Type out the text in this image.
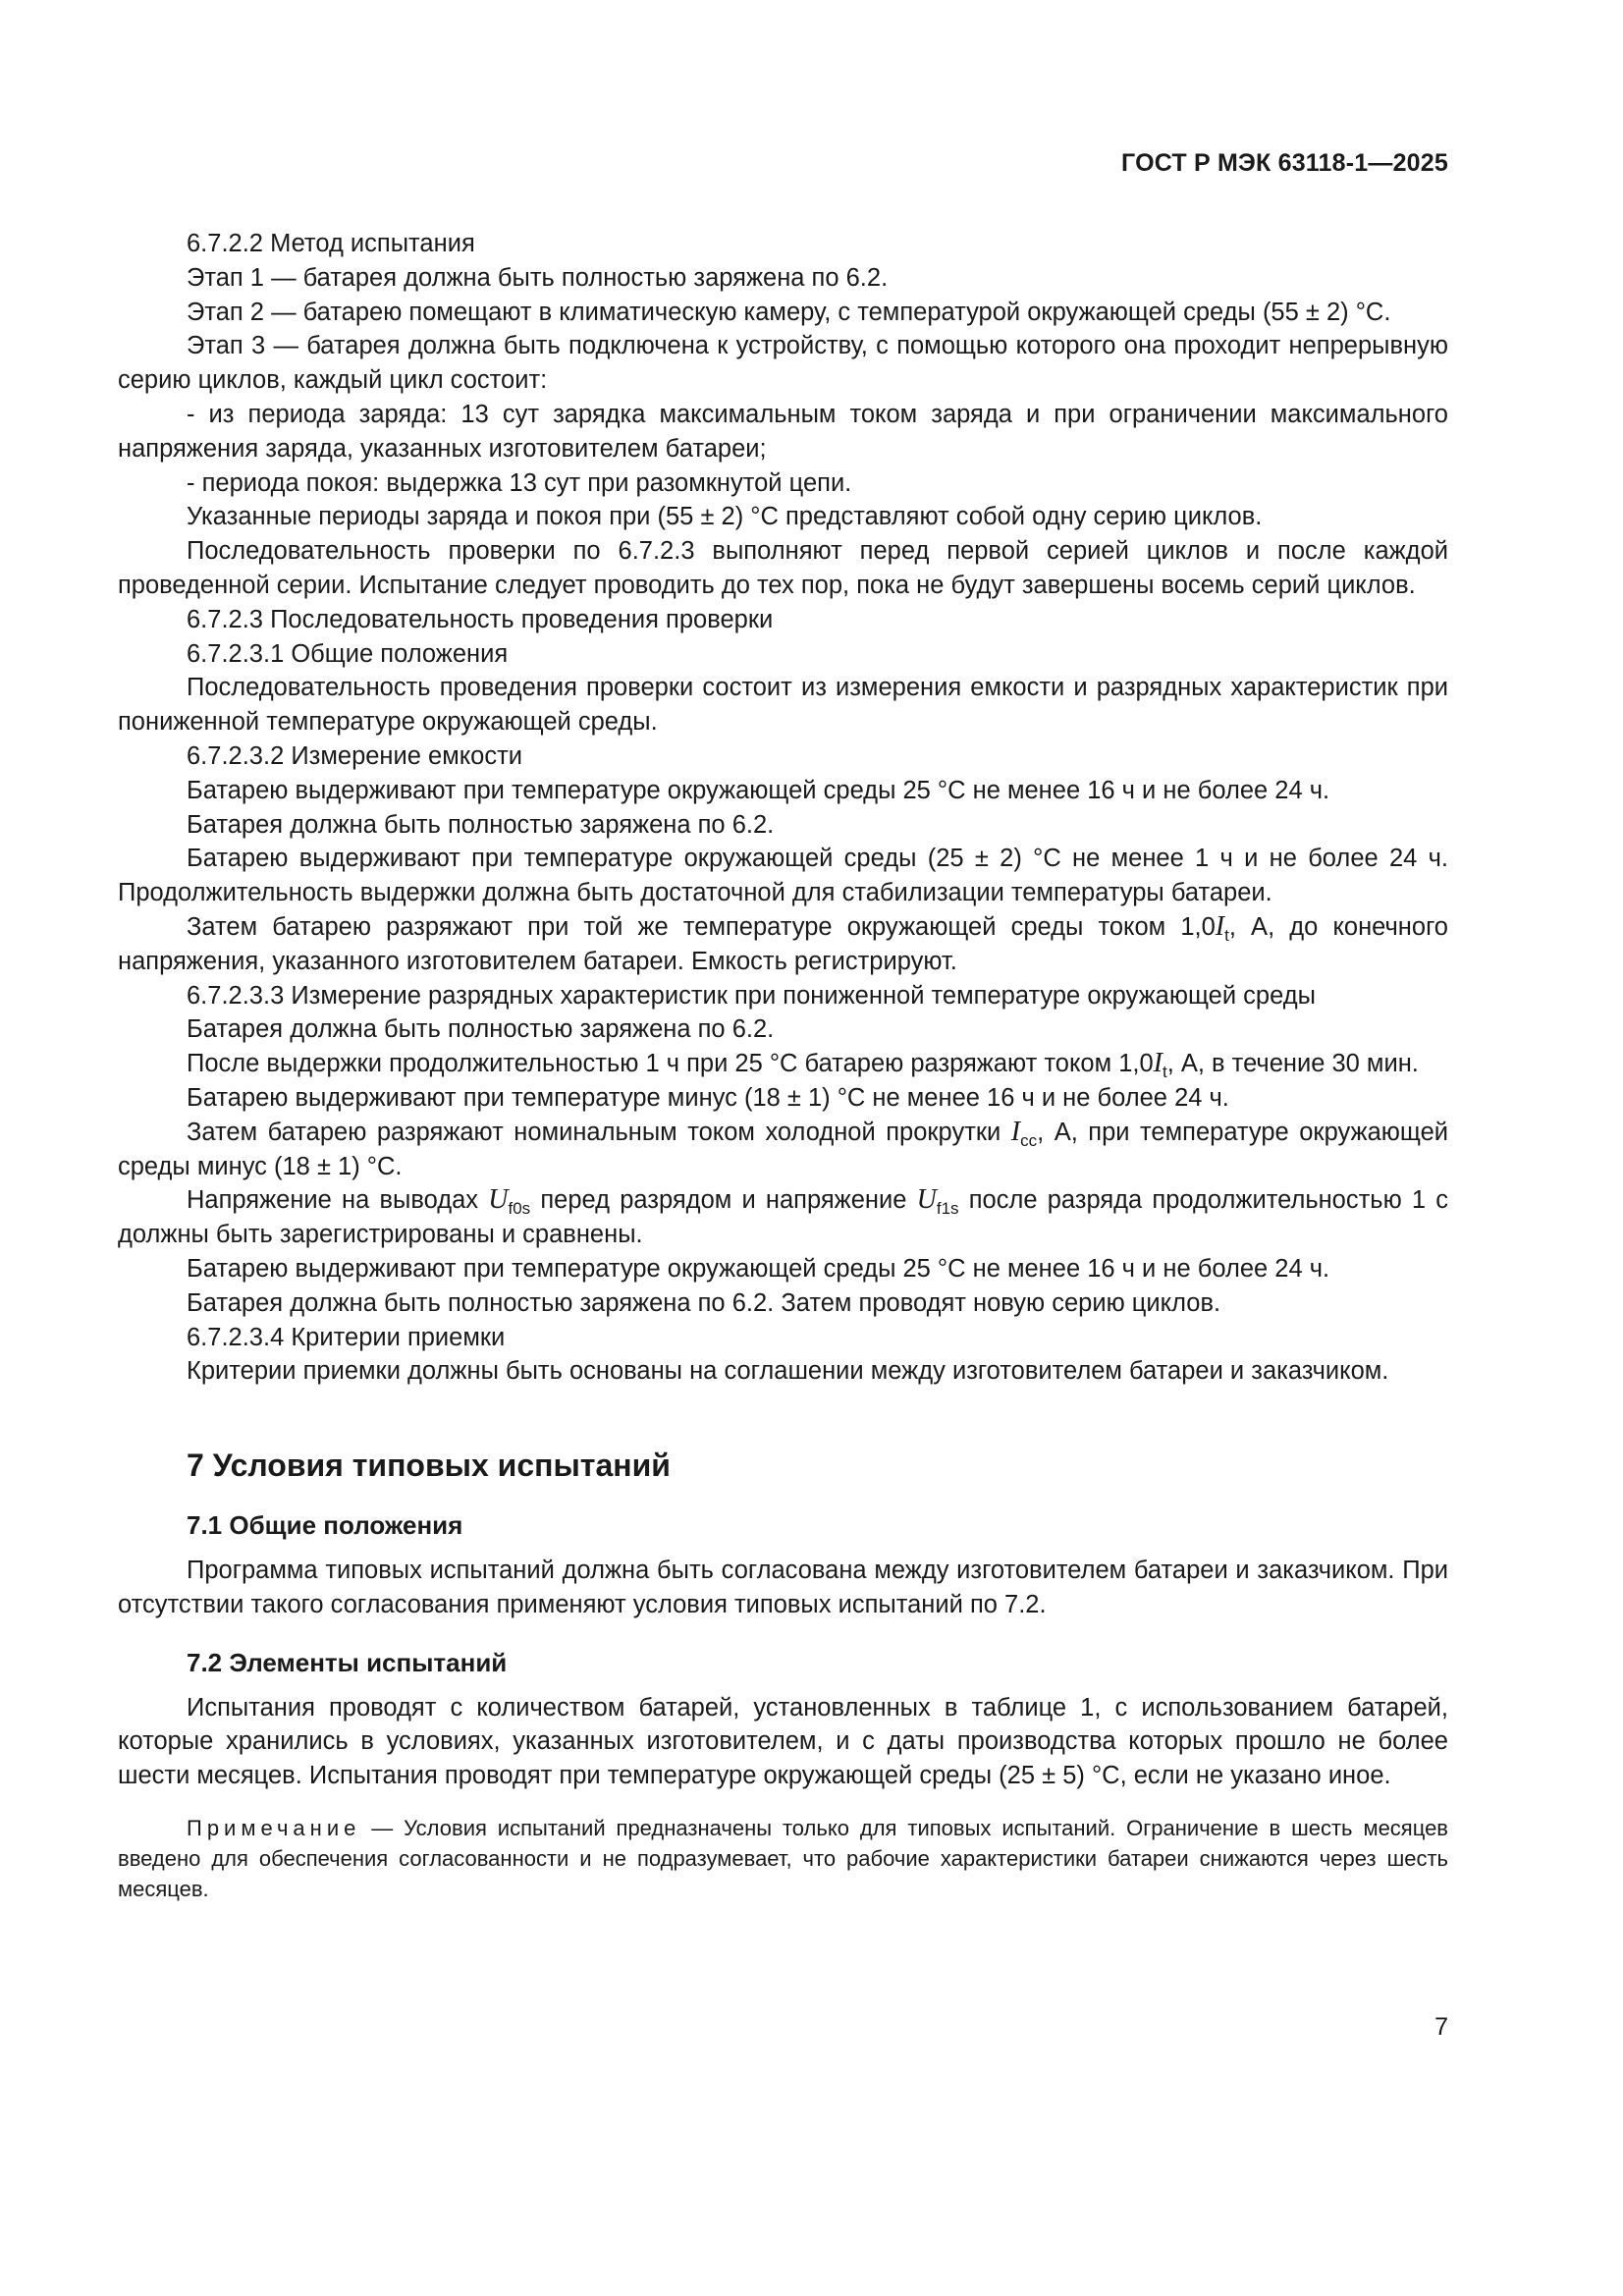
ГОСТ Р МЭК 63118-1—2025

6.7.2.2 Метод испытания

Этап 1 — батарея должна быть полностью заряжена по 6.2.

Этап 2 — батарею помещают в климатическую камеру, с температурой окружающей среды (55 ± 2) °С.

Этап 3 — батарея должна быть подключена к устройству, с помощью которого она проходит непрерывную серию циклов, каждый цикл состоит:

- из периода заряда: 13 сут зарядка максимальным током заряда и при ограничении максимального напряжения заряда, указанных изготовителем батареи;

- периода покоя: выдержка 13 сут при разомкнутой цепи.

Указанные периоды заряда и покоя при (55 ± 2) °С представляют собой одну серию циклов.

Последовательность проверки по 6.7.2.3 выполняют перед первой серией циклов и после каждой проведенной серии. Испытание следует проводить до тех пор, пока не будут завершены восемь серий циклов.

6.7.2.3 Последовательность проведения проверки

6.7.2.3.1 Общие положения

Последовательность проведения проверки состоит из измерения емкости и разрядных характеристик при пониженной температуре окружающей среды.

6.7.2.3.2 Измерение емкости

Батарею выдерживают при температуре окружающей среды 25 °С не менее 16 ч и не более 24 ч.

Батарея должна быть полностью заряжена по 6.2.

Батарею выдерживают при температуре окружающей среды (25 ± 2) °С не менее 1 ч и не более 24 ч. Продолжительность выдержки должна быть достаточной для стабилизации температуры батареи.

Затем батарею разряжают при той же температуре окружающей среды током $1,0I_t$, А, до конечного напряжения, указанного изготовителем батареи. Емкость регистрируют.

6.7.2.3.3 Измерение разрядных характеристик при пониженной температуре окружающей среды

Батарея должна быть полностью заряжена по 6.2.

После выдержки продолжительностью 1 ч при 25 °С батарею разряжают током $1,0I_t$, А, в течение 30 мин.

Батарею выдерживают при температуре минус (18 ± 1) °С не менее 16 ч и не более 24 ч.

Затем батарею разряжают номинальным током холодной прокрутки $I_{cc}$, А, при температуре окружающей среды минус (18 ± 1) °С.

Напряжение на выводах $U_{f0s}$ перед разрядом и напряжение $U_{f1s}$ после разряда продолжительностью 1 с должны быть зарегистрированы и сравнены.

Батарею выдерживают при температуре окружающей среды 25 °С не менее 16 ч и не более 24 ч.

Батарея должна быть полностью заряжена по 6.2. Затем проводят новую серию циклов.

6.7.2.3.4 Критерии приемки

Критерии приемки должны быть основаны на соглашении между изготовителем батареи и заказчиком.

7 Условия типовых испытаний
7.1 Общие положения

Программа типовых испытаний должна быть согласована между изготовителем батареи и заказчиком. При отсутствии такого согласования применяют условия типовых испытаний по 7.2.

7.2 Элементы испытаний

Испытания проводят с количеством батарей, установленных в таблице 1, с использованием батарей, которые хранились в условиях, указанных изготовителем, и с даты производства которых прошло не более шести месяцев. Испытания проводят при температуре окружающей среды (25 ± 5) °С, если не указано иное.

Примечание — Условия испытаний предназначены только для типовых испытаний. Ограничение в шесть месяцев введено для обеспечения согласованности и не подразумевает, что рабочие характеристики батареи снижаются через шесть месяцев.

7
